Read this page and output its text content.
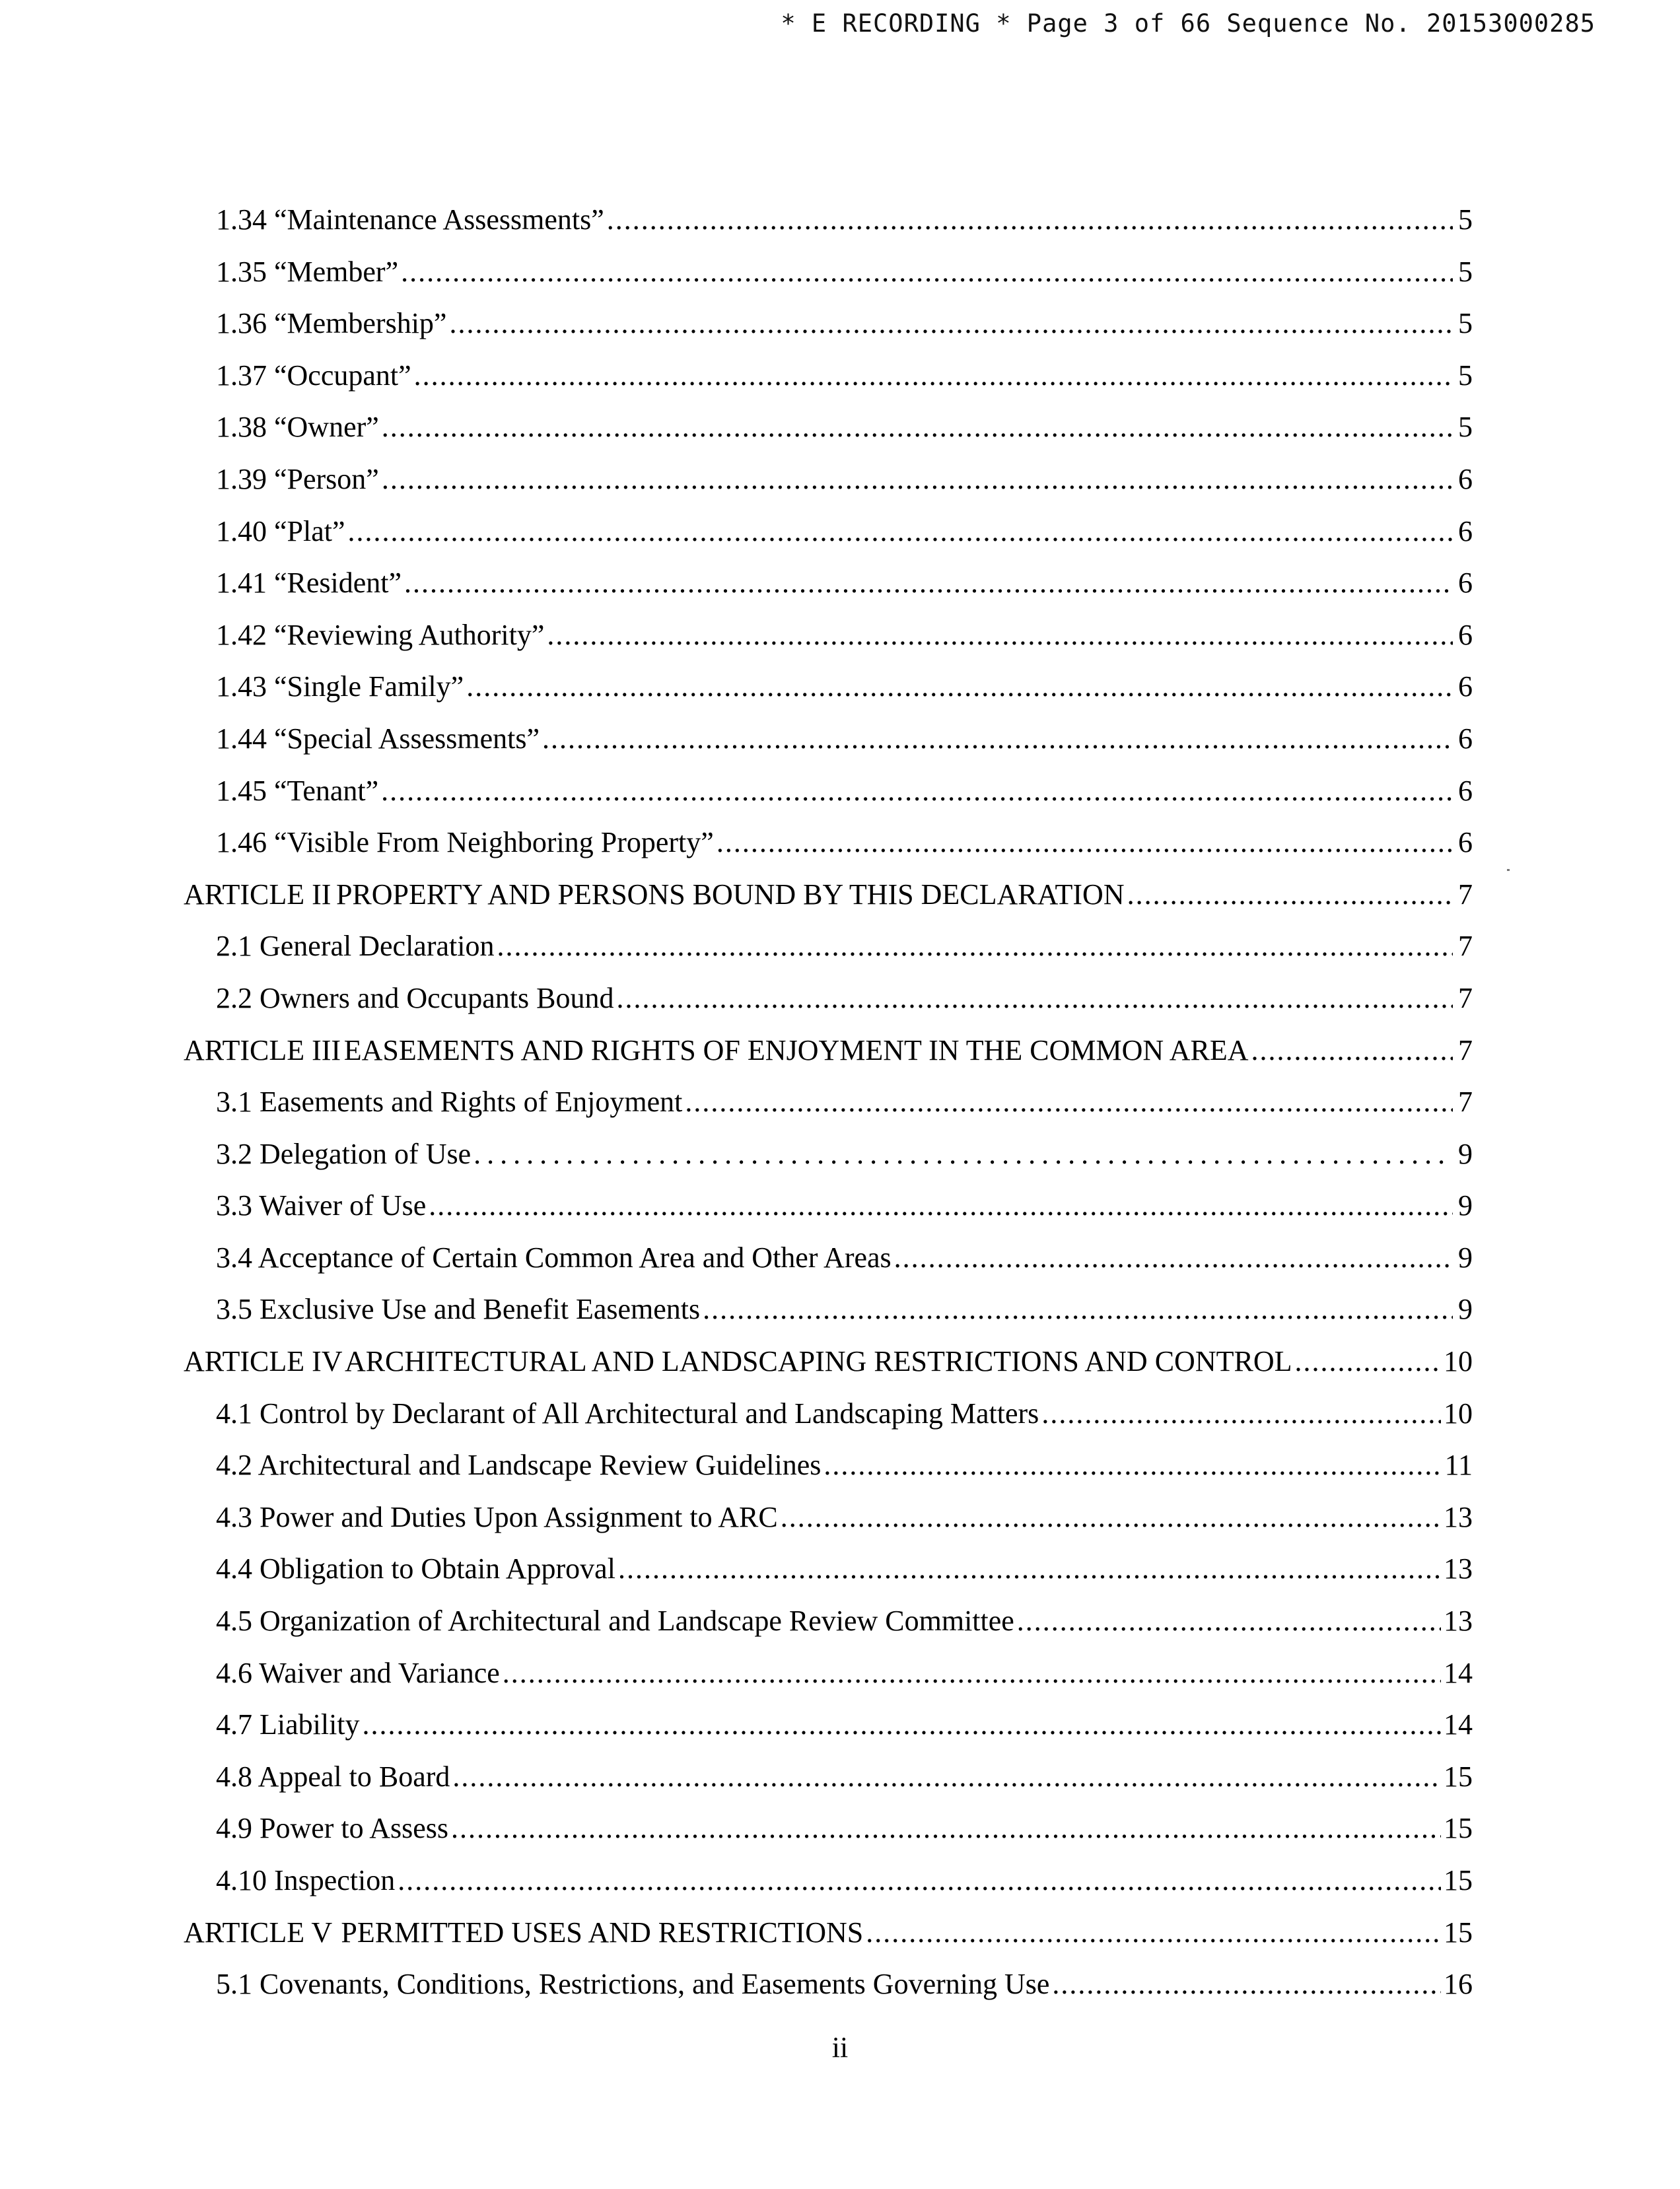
* E RECORDING * Page 3 of 66 Sequence No. 20153000285
1.34 “Maintenance Assessments” .....	5
1.35 “Member” .....	5
1.36 “Membership” .....	5
1.37 “Occupant” .....	5
1.38 “Owner” .....	5
1.39 “Person” .....	6
1.40 “Plat” .....	6
1.41 “Resident” .....	6
1.42 “Reviewing Authority” .....	6
1.43 “Single Family” .....	6
1.44 “Special Assessments” .....	6
1.45 “Tenant” .....	6
1.46 “Visible From Neighboring Property” .....	6
ARTICLE II PROPERTY AND PERSONS BOUND BY THIS DECLARATION .....	7
2.1 General Declaration .....	7
2.2 Owners and Occupants Bound .....	7
ARTICLE III EASEMENTS AND RIGHTS OF ENJOYMENT IN THE COMMON AREA .....	7
3.1 Easements and Rights of Enjoyment .....	7
3.2 Delegation of Use .....	9
3.3 Waiver of Use .....	9
3.4 Acceptance of Certain Common Area and Other Areas .....	9
3.5 Exclusive Use and Benefit Easements .....	9
ARTICLE IV ARCHITECTURAL AND LANDSCAPING RESTRICTIONS AND CONTROL .....	10
4.1 Control by Declarant of All Architectural and Landscaping Matters .....	10
4.2 Architectural and Landscape Review Guidelines .....	11
4.3 Power and Duties Upon Assignment to ARC .....	13
4.4 Obligation to Obtain Approval .....	13
4.5 Organization of Architectural and Landscape Review Committee .....	13
4.6 Waiver and Variance .....	14
4.7 Liability .....	14
4.8 Appeal to Board .....	15
4.9 Power to Assess .....	15
4.10 Inspection .....	15
ARTICLE V PERMITTED USES AND RESTRICTIONS .....	15
5.1 Covenants, Conditions, Restrictions, and Easements Governing Use .....	16
ii
